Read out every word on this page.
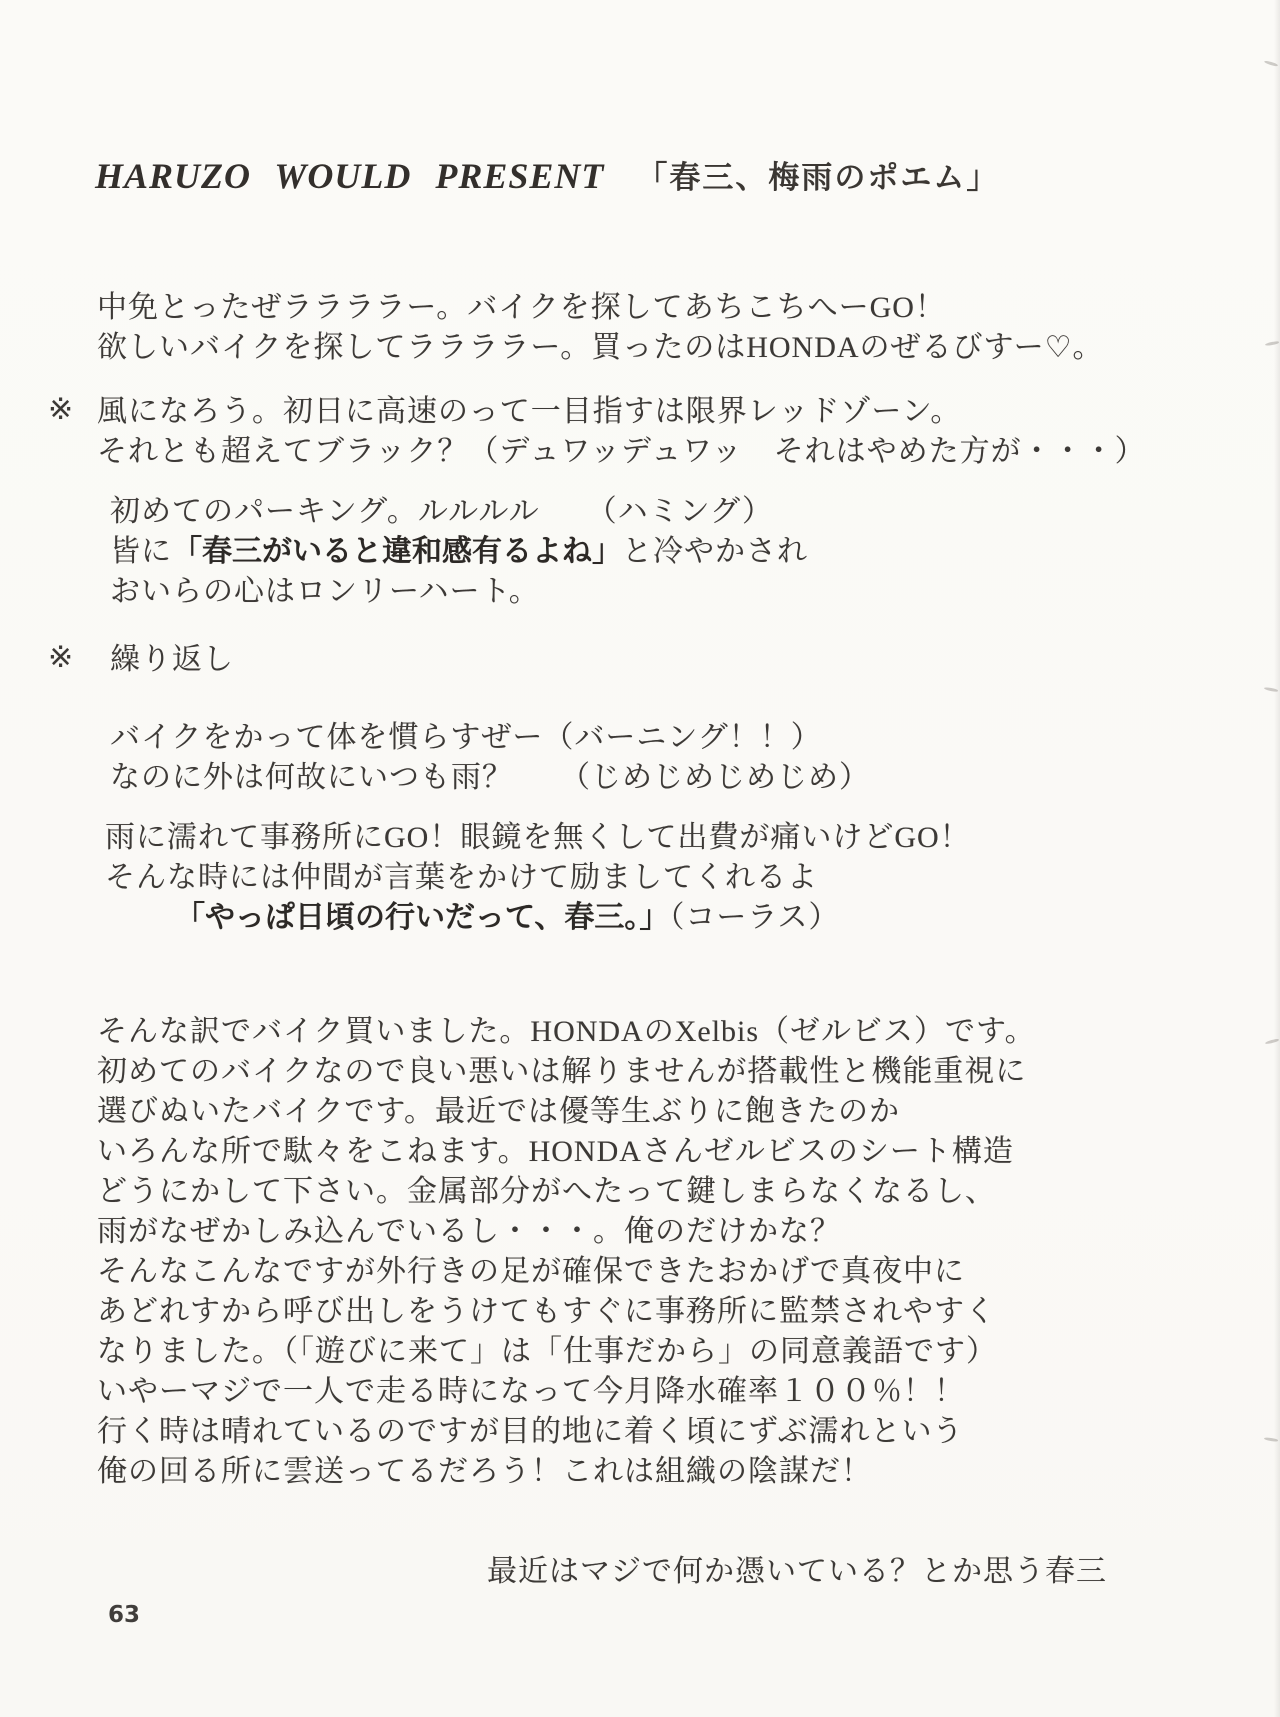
HARUZO WOULD PRESENT 「春三、梅雨のポエム」
中免とったぜララララー。バイクを探してあちこちへーGO！
欲しいバイクを探してララララー。買ったのはHONDAのぜるびすー♡。
※ 風になろう。初日に高速のって一目指すは限界レッドゾーン。
それとも超えてブラック？（デュワッデュワッ　それはやめた方が・・・）
初めてのパーキング。ルルルル　　（ハミング）
皆に「春三がいると違和感有るよね」と冷やかされ
おいらの心はロンリーハート。
※ 繰り返し
バイクをかって体を慣らすぜー（バーニング！！）
なのに外は何故にいつも雨？　　（じめじめじめじめ）
雨に濡れて事務所にGO！眼鏡を無くして出費が痛いけどGO！
そんな時には仲間が言葉をかけて励ましてくれるよ
「やっぱ日頃の行いだって、春三。」（コーラス）
そんな訳でバイク買いました。HONDAのXelbis（ゼルビス）です。
初めてのバイクなので良い悪いは解りませんが搭載性と機能重視に
選びぬいたバイクです。最近では優等生ぶりに飽きたのか
いろんな所で駄々をこねます。HONDAさんゼルビスのシート構造
どうにかして下さい。金属部分がへたって鍵しまらなくなるし、
雨がなぜかしみ込んでいるし・・・。俺のだけかな？
そんなこんなですが外行きの足が確保できたおかげで真夜中に
あどれすから呼び出しをうけてもすぐに事務所に監禁されやすく
なりました。（「遊びに来て」は「仕事だから」の同意義語です）
いやーマジで一人で走る時になって今月降水確率１００％！！
行く時は晴れているのですが目的地に着く頃にずぶ濡れという
俺の回る所に雲送ってるだろう！これは組織の陰謀だ！
最近はマジで何か憑いている？とか思う春三
63
